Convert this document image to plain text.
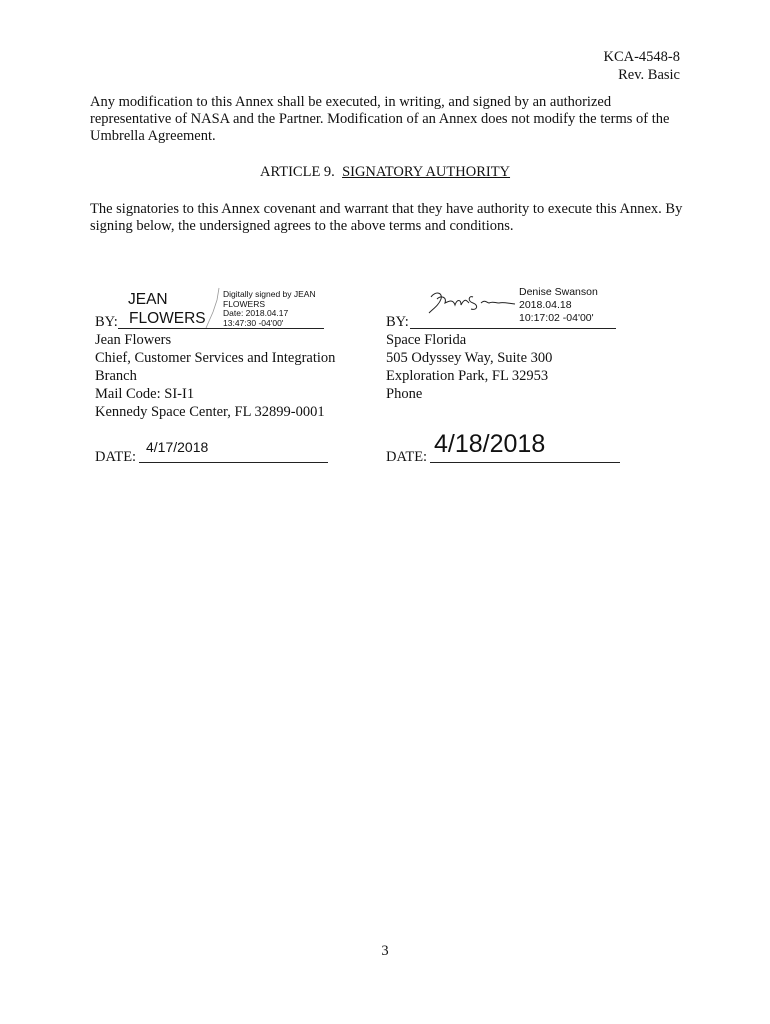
KCA-4548-8
Rev. Basic
Any modification to this Annex shall be executed, in writing, and signed by an authorized representative of NASA and the Partner. Modification of an Annex does not modify the terms of the Umbrella Agreement.
ARTICLE 9. SIGNATORY AUTHORITY
The signatories to this Annex covenant and warrant that they have authority to execute this Annex. By signing below, the undersigned agrees to the above terms and conditions.
JEAN
FLOWERS
Digitally signed by JEAN
FLOWERS
Date: 2018.04.17
13:47:30 -04'00'
BY:
Jean Flowers
Chief, Customer Services and Integration
Branch
Mail Code: SI-I1
Kennedy Space Center, FL 32899-0001
DATE:
4/17/2018
Denise Swanson
2018.04.18
10:17:02 -04'00'
BY:
Space Florida
505 Odyssey Way, Suite 300
Exploration Park, FL 32953
Phone
DATE: 4/18/2018
3
